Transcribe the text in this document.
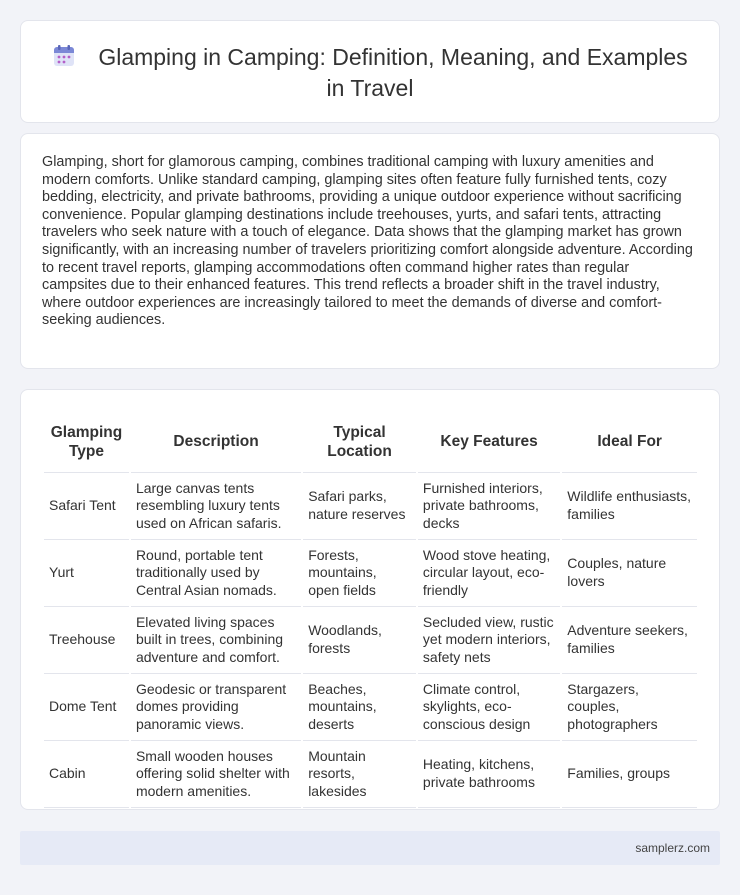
Glamping in Camping: Definition, Meaning, and Examples in Travel

Glamping, short for glamorous camping, combines traditional camping with luxury amenities and modern comforts. Unlike standard camping, glamping sites often feature fully furnished tents, cozy bedding, electricity, and private bathrooms, providing a unique outdoor experience without sacrificing convenience. Popular glamping destinations include treehouses, yurts, and safari tents, attracting travelers who seek nature with a touch of elegance. Data shows that the glamping market has grown significantly, with an increasing number of travelers prioritizing comfort alongside adventure. According to recent travel reports, glamping accommodations often command higher rates than regular campsites due to their enhanced features. This trend reflects a broader shift in the travel industry, where outdoor experiences are increasingly tailored to meet the demands of diverse and comfort-seeking audiences.

Glamping Type	Description	Typical Location	Key Features	Ideal For
Safari Tent	Large canvas tents resembling luxury tents used on African safaris.	Safari parks, nature reserves	Furnished interiors, private bathrooms, decks	Wildlife enthusiasts, families
Yurt	Round, portable tent traditionally used by Central Asian nomads.	Forests, mountains, open fields	Wood stove heating, circular layout, eco-friendly	Couples, nature lovers
Treehouse	Elevated living spaces built in trees, combining adventure and comfort.	Woodlands, forests	Secluded view, rustic yet modern interiors, safety nets	Adventure seekers, families
Dome Tent	Geodesic or transparent domes providing panoramic views.	Beaches, mountains, deserts	Climate control, skylights, eco-conscious design	Stargazers, couples, photographers
Cabin	Small wooden houses offering solid shelter with modern amenities.	Mountain resorts, lakesides	Heating, kitchens, private bathrooms	Families, groups
samplerz.com
